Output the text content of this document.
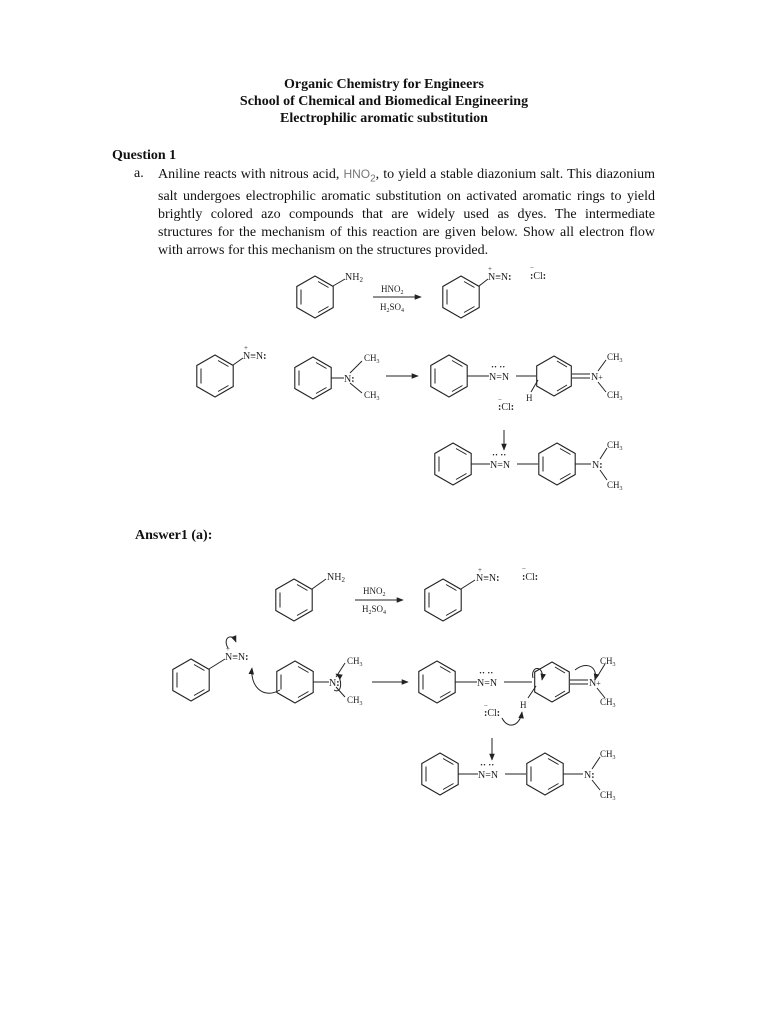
Organic Chemistry for Engineers
School of Chemical and Biomedical Engineering
Electrophilic aromatic substitution
Question 1
a. Aniline reacts with nitrous acid, $HNO_2$, to yield a stable diazonium salt. This diazonium salt undergoes electrophilic aromatic substitution on activated aromatic rings to yield brightly colored azo compounds that are widely used as dyes. The intermediate structures for the mechanism of this reaction are given below. Show all electron flow with arrows for this mechanism on the structures provided.
Answer1 (a):
$NH_2$
$HNO_2$
$H_2SO_4$
N≡N:
+
:Cl:
−
N≡N:
+
N:
$CH_3$
$CH_3$
N=N
·· ··
H
N+
$CH_3$
$CH_3$
:Cl:
−
N=N
·· ··
N:
$CH_3$
$CH_3$
$NH_2$
$HNO_2$
$H_2SO_4$
N≡N:
+
:Cl:
−
N≡N:
+
N:
$CH_3$
$CH_3$
N=N
·· ··
H
N+
$CH_3$
$CH_3$
:Cl:
−
N=N
·· ··
N:
$CH_3$
$CH_3$
